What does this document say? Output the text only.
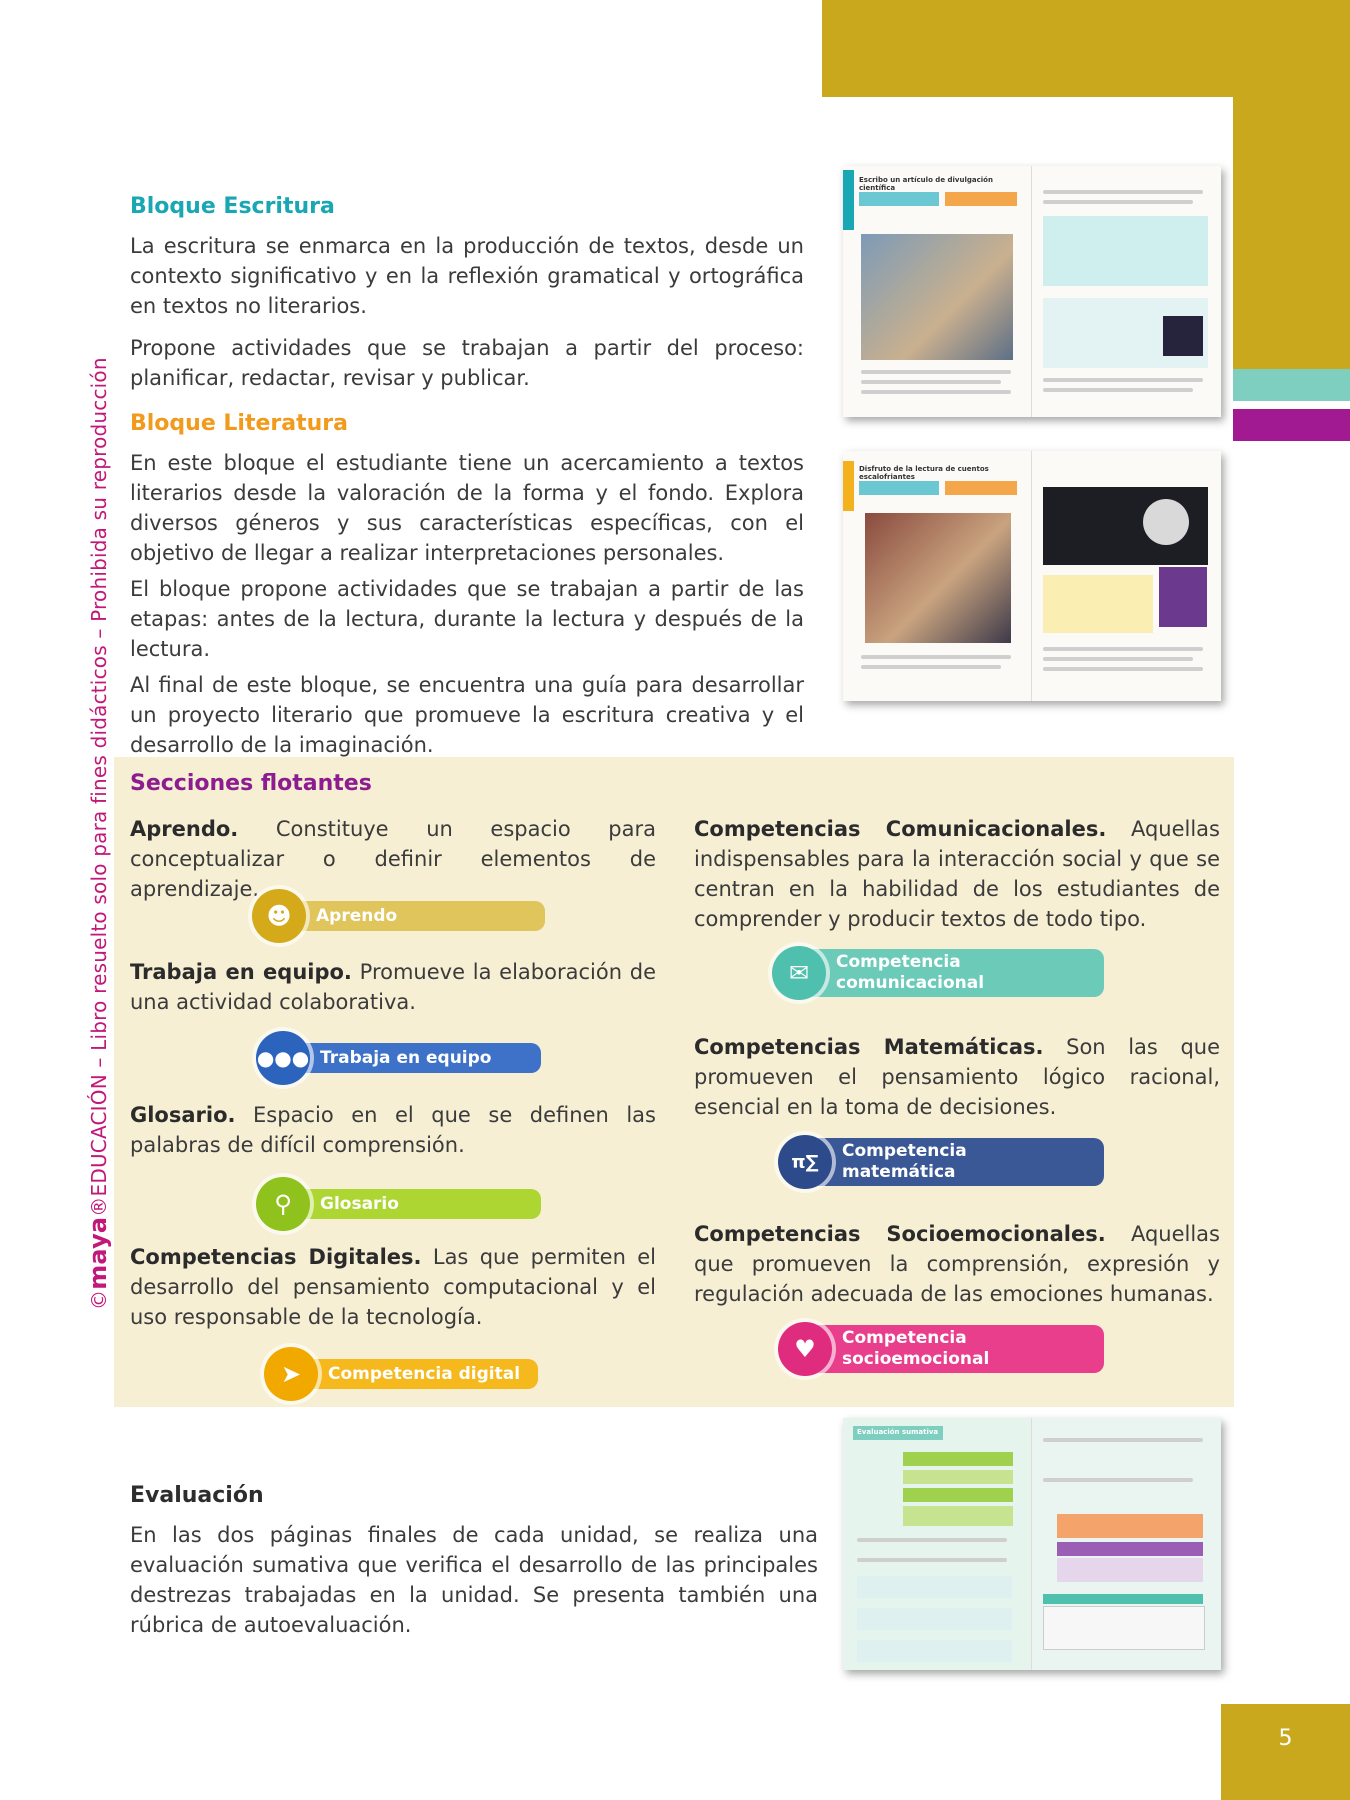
©maya®EDUCACIÓN – Libro resuelto solo para fines didácticos – Prohibida su reproducción
Bloque Escritura

La escritura se enmarca en la producción de textos, desde un contexto significativo y en la reflexión gramatical y ortográfica en textos no literarios.

Propone actividades que se trabajan a partir del proceso: planificar, redactar, revisar y publicar.

Escribo un artículo de divulgación científica
Bloque Literatura

En este bloque el estudiante tiene un acercamiento a textos literarios desde la valoración de la forma y el fondo. Explora diversos géneros y sus características específicas, con el objetivo de llegar a realizar interpretaciones personales.

El bloque propone actividades que se trabajan a partir de las etapas: antes de la lectura, durante la lectura y después de la lectura.

Al final de este bloque, se encuentra una guía para desarrollar un proyecto literario que promueve la escritura creativa y el desarrollo de la imaginación.

Disfruto de la lectura de cuentos escalofriantes
Secciones flotantes

Aprendo. Constituye un espacio para conceptualizar o definir elementos de aprendizaje.

☻	Aprendo

Trabaja en equipo. Promueve la elaboración de una actividad colaborativa.

●●● Trabaja en equipo

Glosario. Espacio en el que se definen las palabras de difícil comprensión.

⚲	Glosario

Competencias Digitales. Las que permiten el desarrollo del pensamiento computacional y el uso responsable de la tecnología.

➤	Competencia digital

Competencias Comunicacionales. Aquellas indispensables para la interacción social y que se centran en la habilidad de los estudiantes de comprender y producir textos de todo tipo.

✉	Competencia
comunicacional

Competencias Matemáticas. Son las que promueven el pensamiento lógico racional, esencial en la toma de decisiones.

π∑
Competencia
matemática

Competencias Socioemocionales. Aquellas que promueven la comprensión, expresión y regulación adecuada de las emociones humanas.

♥	Competencia
socioemocional
Evaluación

En las dos páginas finales de cada unidad, se realiza una evaluación sumativa que verifica el desarrollo de las principales destrezas trabajadas en la unidad. Se presenta también una rúbrica de autoevaluación.

Evaluación sumativa
5
